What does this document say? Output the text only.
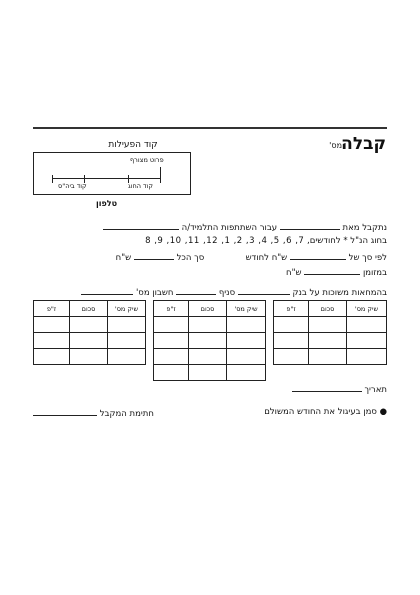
קבלה
מס'
קוד הפעילות
פרוט מצורף
קוד ביה"ס	קוד החוג
טלפון
נתקבל מאת  עבור השתתפות התלמיד/ה
בחוג הנ"ל * לחודשים, 7, 6, 5, 4, 3, 2, 1, 12, 11, 10, 9, 8
לפי סך של  ש"ח לחודש  סך הכל  ש"ח
במזומן  ש"ח
בהמחאות משוכות על בנק  סניף  חשבון מס'
שיק מס'	סכום	ז"פ

שיק מס'	סכום	ז"פ

שיק מס'	סכום	ז"פ

תאריך
● סמן בעיגול את החודש המשולם
חתימת המקבל
